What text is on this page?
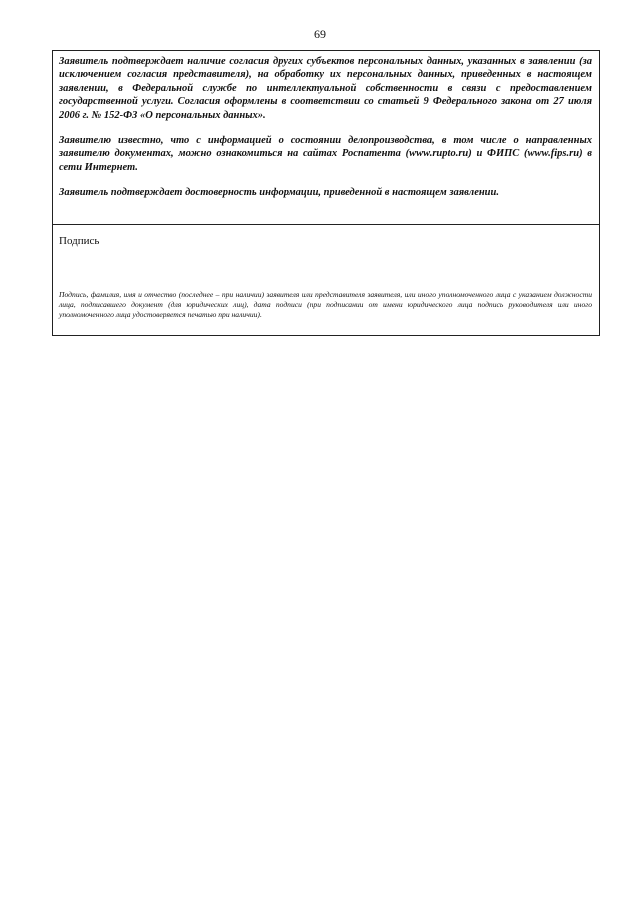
69

Заявитель подтверждает наличие согласия других субъектов персональных данных, указанных в заявлении (за исключением согласия представителя), на обработку их персональных данных, приведенных в настоящем заявлении, в Федеральной службе по интеллектуальной собственности в связи с предоставлением государственной услуги. Согласия оформлены в соответствии со статьей 9 Федерального закона от 27 июля 2006 г. № 152-ФЗ «О персональных данных».

Заявителю известно, что с информацией о состоянии делопроизводства, в том числе о направленных заявителю документах, можно ознакомиться на сайтах Роспатента (www.rupto.ru) и ФИПС (www.fips.ru) в сети Интернет.

Заявитель подтверждает достоверность информации, приведенной в настоящем заявлении.

Подпись
Подпись, фамилия, имя и отчество (последнее – при наличии) заявителя или представителя заявителя, или иного уполномоченного лица с указанием должности лица, подписавшего документ (для юридических лиц), дата подписи (при подписании от имени юридического лица подпись руководителя или иного уполномоченного лица удостоверяется печатью при наличии).
